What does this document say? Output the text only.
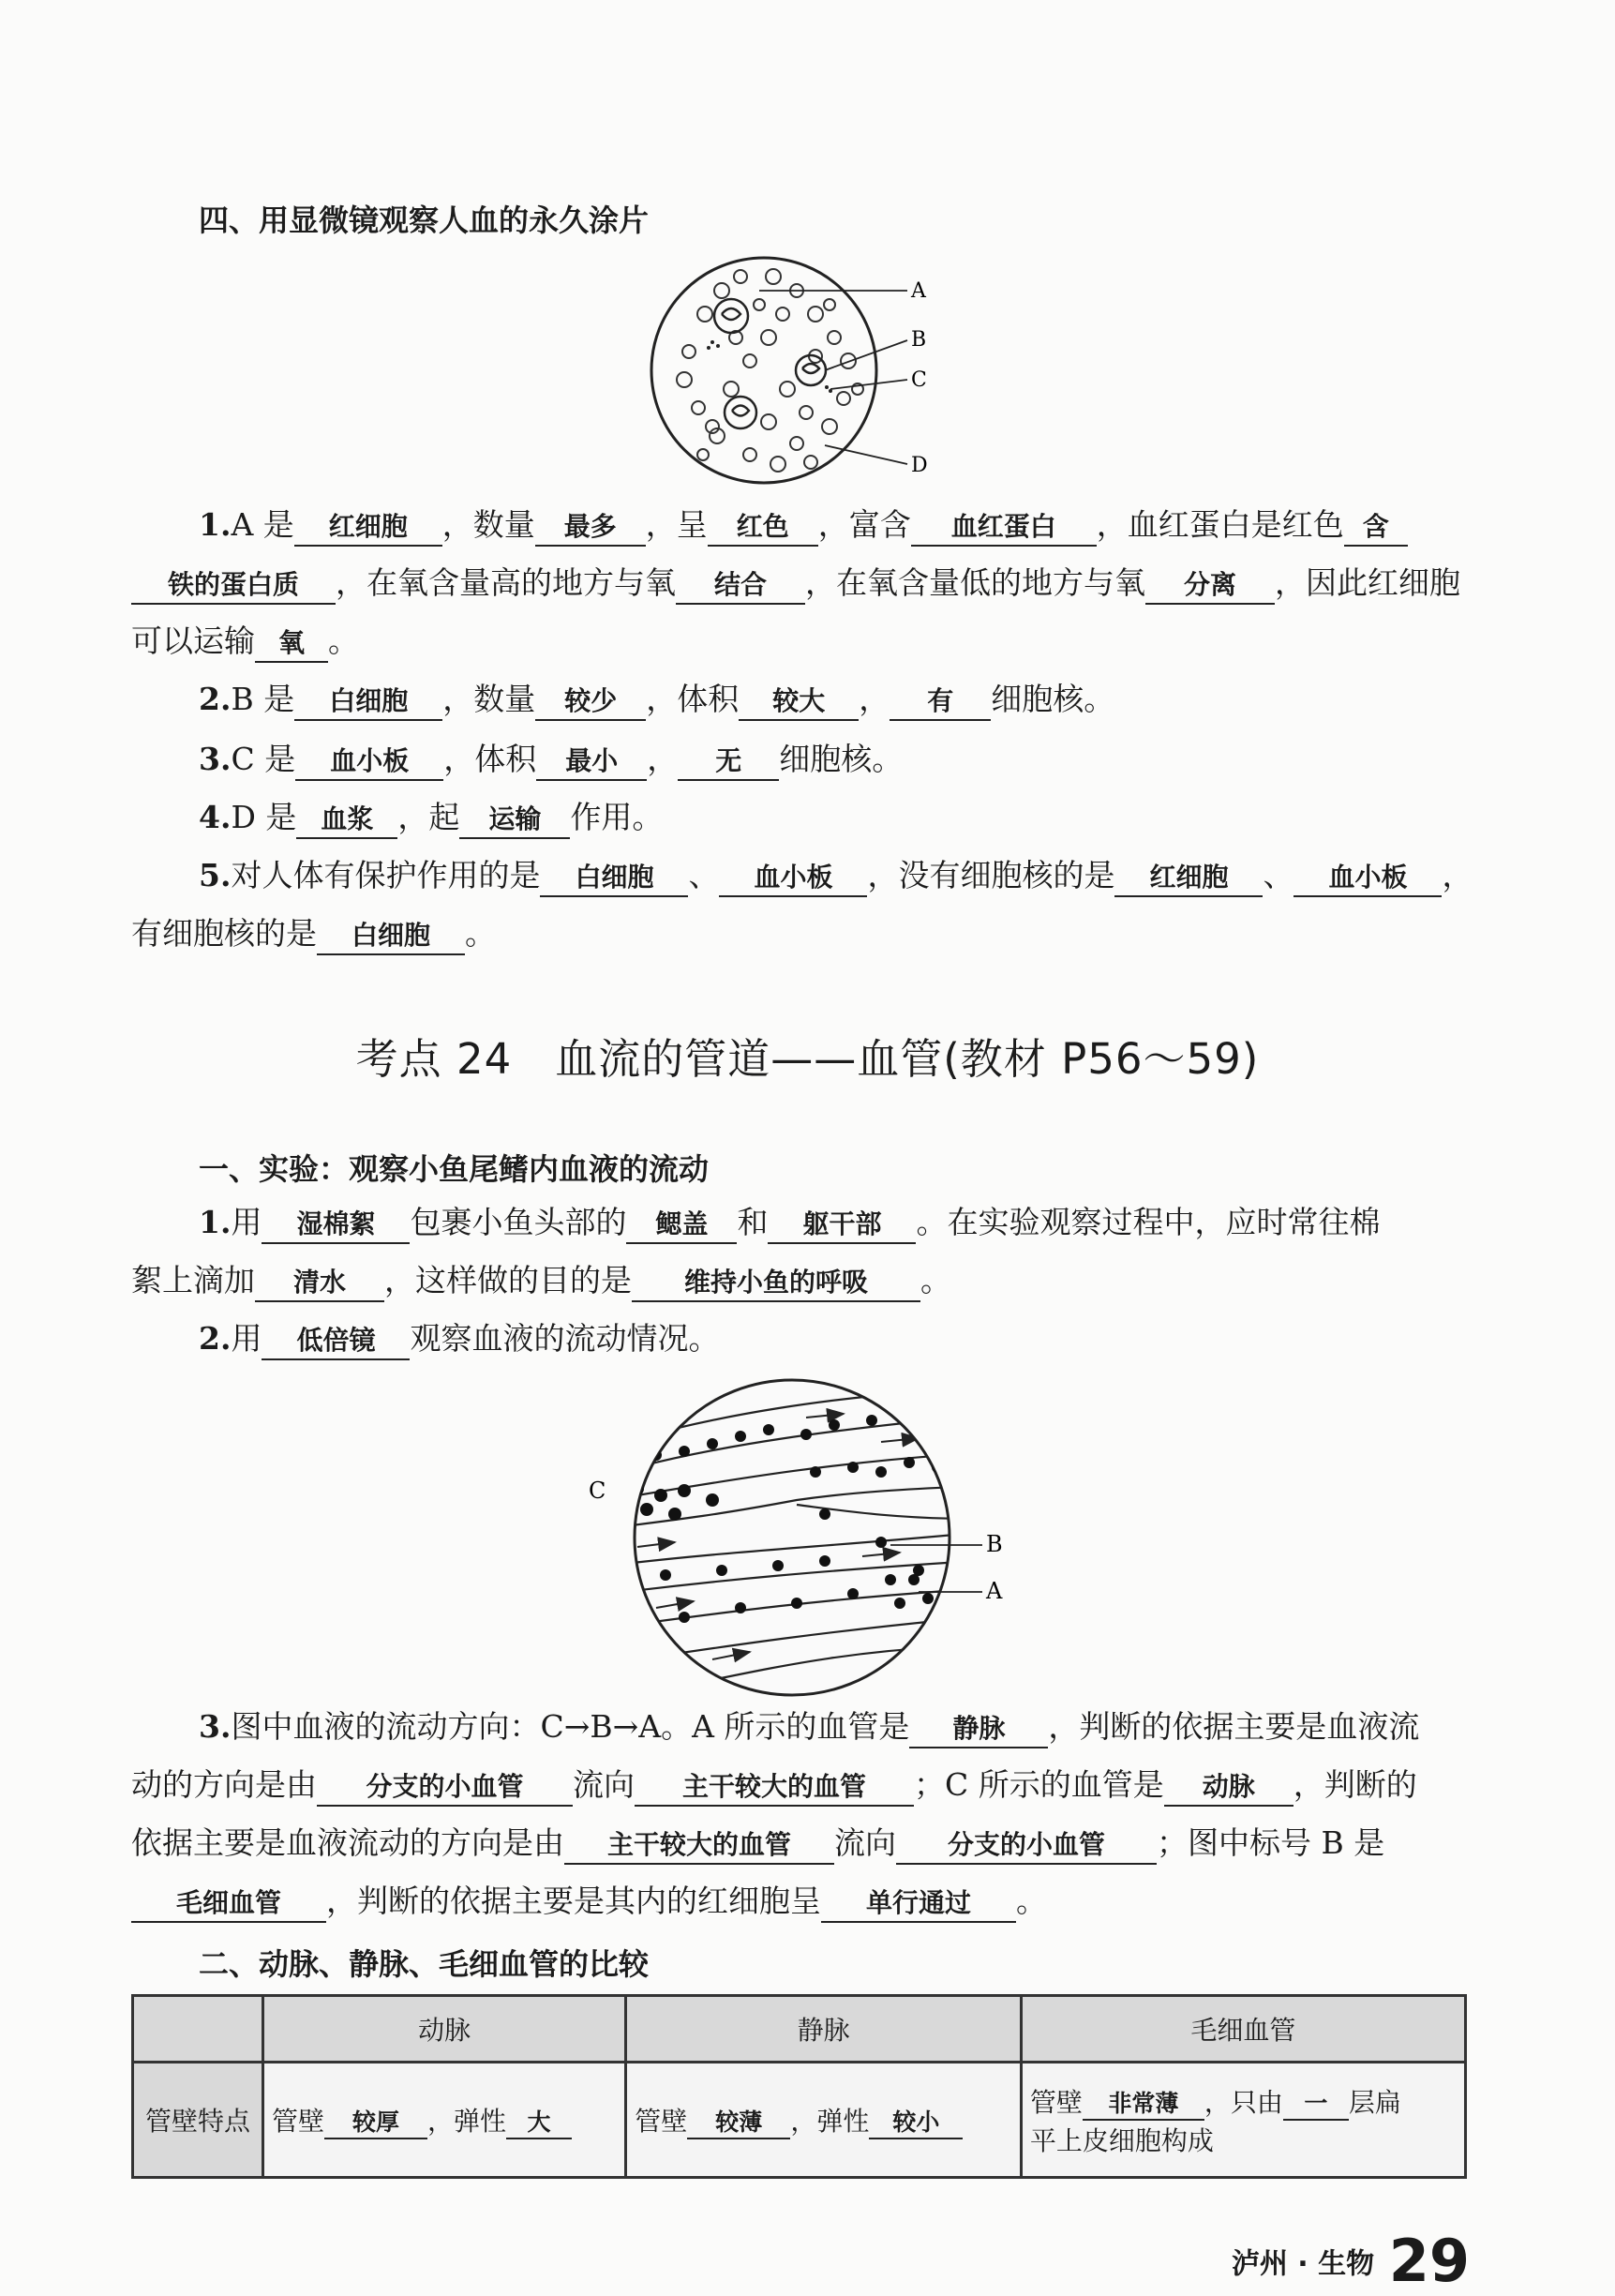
四、用显微镜观察人血的永久涂片
A
B
C
D
1.A 是 红细胞 ，数量 最多 ，呈 红色 ，富含 血红蛋白 ，血红蛋白是红色 含
铁的蛋白质 ，在氧含量高的地方与氧 结合 ，在氧含量低的地方与氧 分离 ，因此红细胞
可以运输 氧 。
2.B 是 白细胞 ，数量 较少 ，体积 较大 ， 有 细胞核。
3.C 是 血小板 ，体积 最小 ， 无 细胞核。
4.D 是 血浆 ，起 运输 作用。
5.对人体有保护作用的是 白细胞 、 血小板 ，没有细胞核的是 红细胞 、 血小板 ，
有细胞核的是 白细胞 。
考点 24　血流的管道——血管(教材 P56～59)
一、实验：观察小鱼尾鳍内血液的流动
1.用 湿棉絮 包裹小鱼头部的 鳃盖 和 躯干部 。在实验观察过程中，应时常往棉
絮上滴加 清水 ，这样做的目的是 维持小鱼的呼吸 。
2.用 低倍镜 观察血液的流动情况。
C
B
A
3.图中血液的流动方向：C→B→A。A 所示的血管是 静脉 ，判断的依据主要是血液流
动的方向是由 分支的小血管 流向 主干较大的血管 ；C 所示的血管是 动脉 ，判断的
依据主要是血液流动的方向是由 主干较大的血管 流向 分支的小血管 ；图中标号 B 是
毛细血管 ，判断的依据主要是其内的红细胞呈 单行通过 。
二、动脉、静脉、毛细血管的比较
	动脉	静脉	毛细血管
管壁特点	管壁 较厚 ，弹性 大	管壁 较薄 ，弹性 较小	管壁 非常薄 ，只由 一 层扁
平上皮细胞构成
泸州 · 生物 29
